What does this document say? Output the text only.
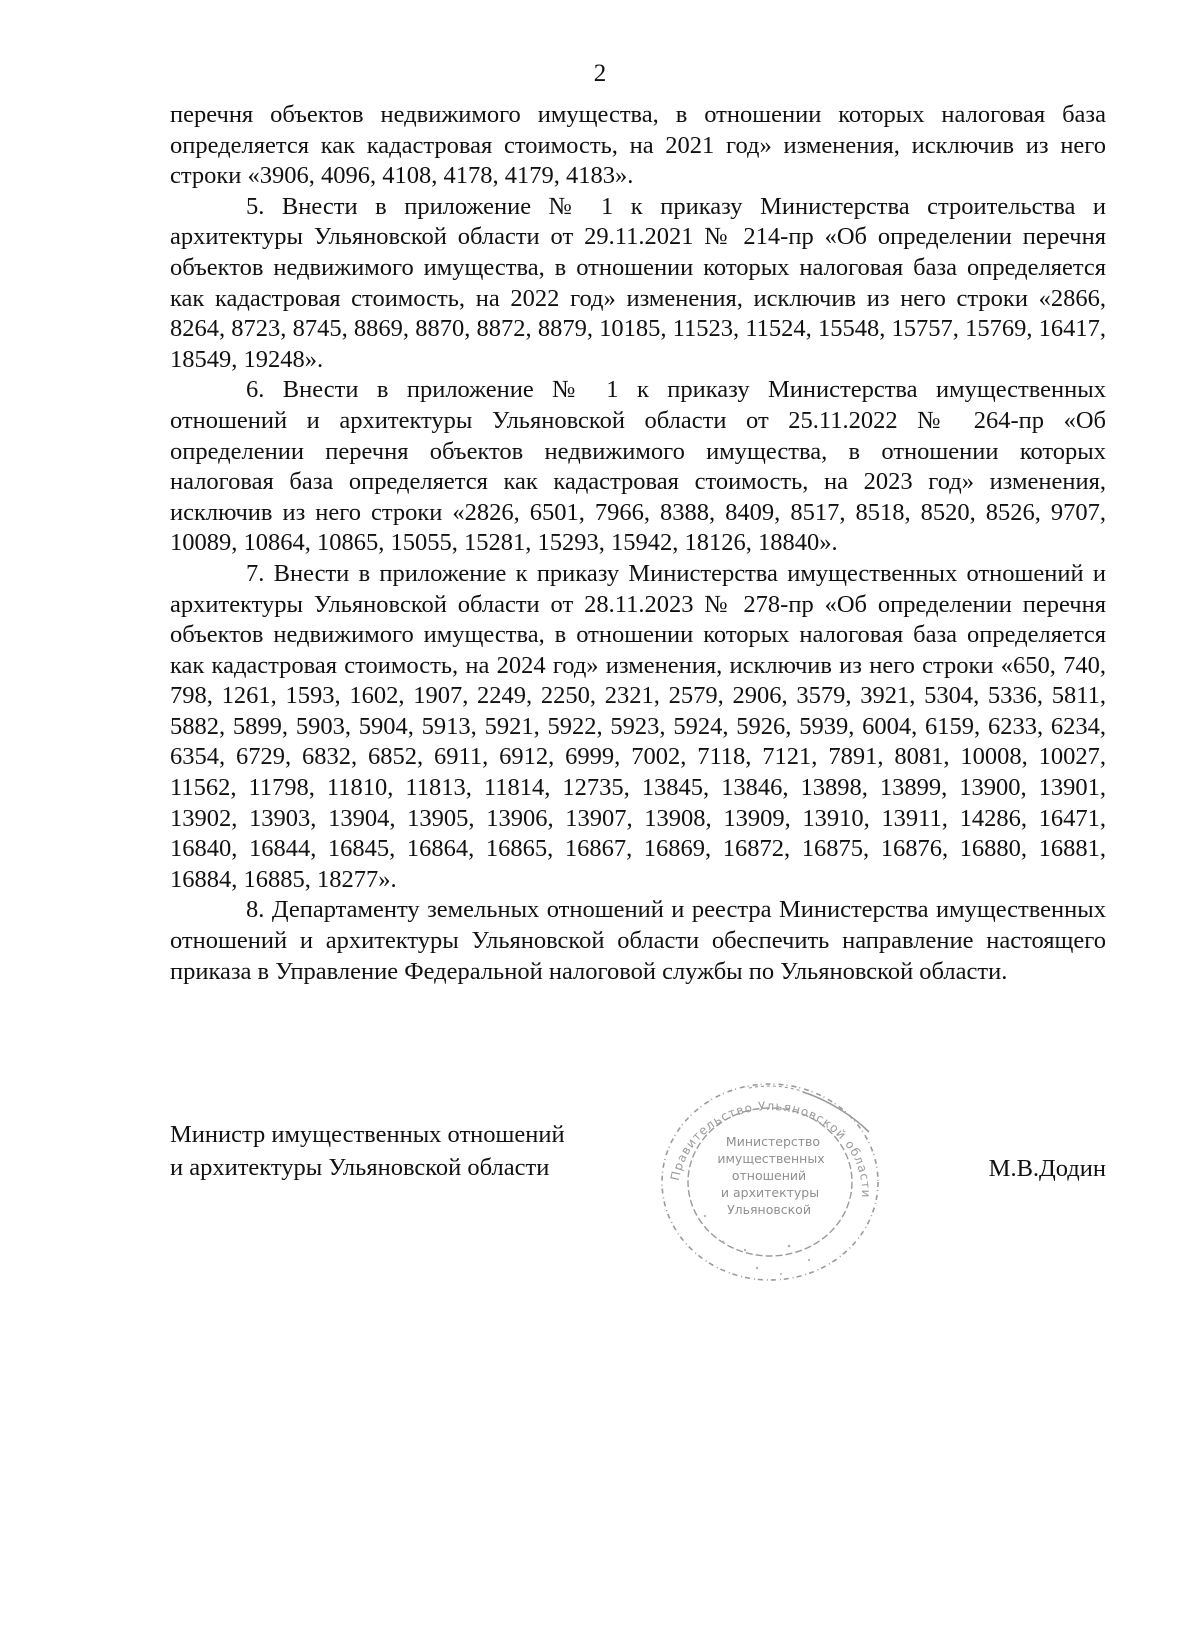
2

перечня объектов недвижимого имущества, в отношении которых налоговая база определяется как кадастровая стоимость, на 2021 год» изменения, исключив из него строки «3906, 4096, 4108, 4178, 4179, 4183».

5. Внести в приложение № 1 к приказу Министерства строительства и архитектуры Ульяновской области от 29.11.2021 № 214-пр «Об определении перечня объектов недвижимого имущества, в отношении которых налоговая база определяется как кадастровая стоимость, на 2022 год» изменения, исключив из него строки «2866, 8264, 8723, 8745, 8869, 8870, 8872, 8879, 10185, 11523, 11524, 15548, 15757, 15769, 16417, 18549, 19248».

6. Внести в приложение № 1 к приказу Министерства имущественных отношений и архитектуры Ульяновской области от 25.11.2022 № 264-пр «Об определении перечня объектов недвижимого имущества, в отношении которых налоговая база определяется как кадастровая стоимость, на 2023 год» изменения, исключив из него строки «2826, 6501, 7966, 8388, 8409, 8517, 8518, 8520, 8526, 9707, 10089, 10864, 10865, 15055, 15281, 15293, 15942, 18126, 18840».

7. Внести в приложение к приказу Министерства имущественных отношений и архитектуры Ульяновской области от 28.11.2023 № 278-пр «Об определении перечня объектов недвижимого имущества, в отношении которых налоговая база определяется как кадастровая стоимость, на 2024 год» изменения, исключив из него строки «650, 740, 798, 1261, 1593, 1602, 1907, 2249, 2250, 2321, 2579, 2906, 3579, 3921, 5304, 5336, 5811, 5882, 5899, 5903, 5904, 5913, 5921, 5922, 5923, 5924, 5926, 5939, 6004, 6159, 6233, 6234, 6354, 6729, 6832, 6852, 6911, 6912, 6999, 7002, 7118, 7121, 7891, 8081, 10008, 10027, 11562, 11798, 11810, 11813, 11814, 12735, 13845, 13846, 13898, 13899, 13900, 13901, 13902, 13903, 13904, 13905, 13906, 13907, 13908, 13909, 13910, 13911, 14286, 16471, 16840, 16844, 16845, 16864, 16865, 16867, 16869, 16872, 16875, 16876, 16880, 16881, 16884, 16885, 18277».

8. Департаменту земельных отношений и реестра Министерства имущественных отношений и архитектуры Ульяновской области обеспечить направление настоящего приказа в Управление Федеральной налоговой службы по Ульяновской области.

Министр имущественных отношений
и архитектуры Ульяновской области	Правительство Ульяновской области
Министерство
имущественных
отношений
и архитектуры
Ульяновской
М.В.Додин
